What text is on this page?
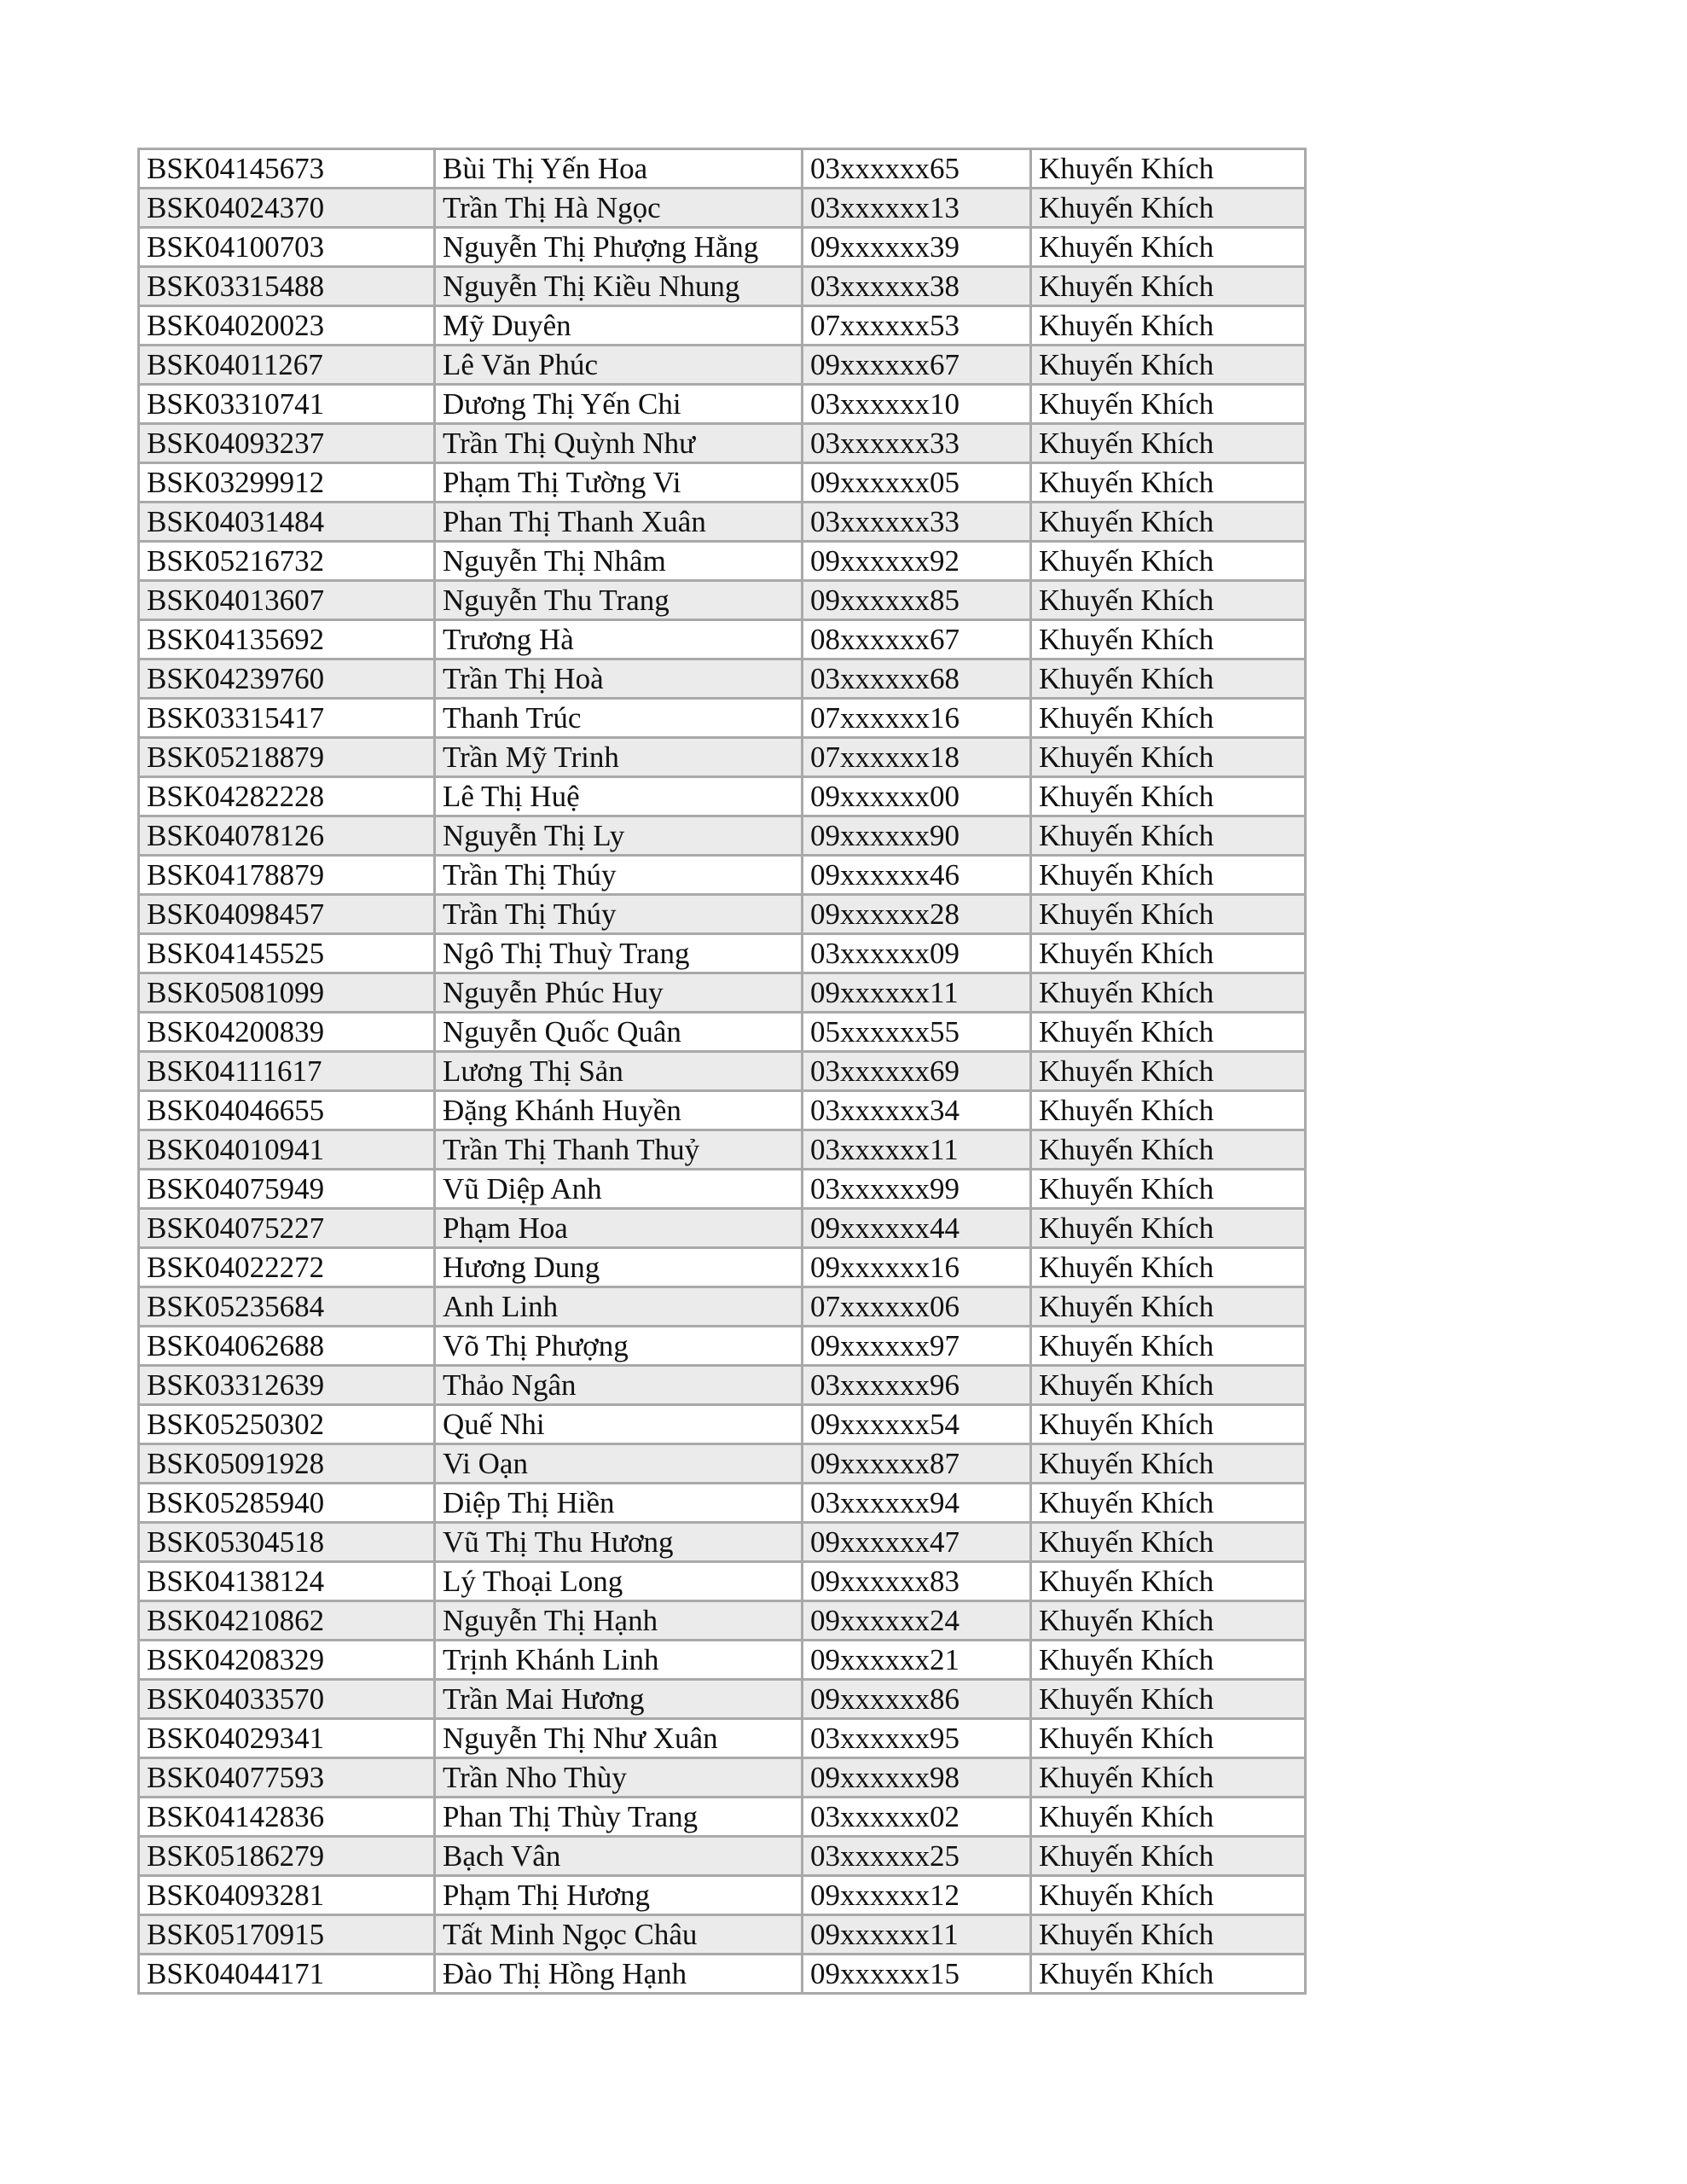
BSK04145673	Bùi Thị Yến Hoa	03xxxxxx65	Khuyến Khích
BSK04024370	Trần Thị Hà Ngọc	03xxxxxx13	Khuyến Khích
BSK04100703	Nguyễn Thị Phượng Hằng	09xxxxxx39	Khuyến Khích
BSK03315488	Nguyễn Thị Kiều Nhung	03xxxxxx38	Khuyến Khích
BSK04020023	Mỹ Duyên	07xxxxxx53	Khuyến Khích
BSK04011267	Lê Văn Phúc	09xxxxxx67	Khuyến Khích
BSK03310741	Dương Thị Yến Chi	03xxxxxx10	Khuyến Khích
BSK04093237	Trần Thị Quỳnh Như	03xxxxxx33	Khuyến Khích
BSK03299912	Phạm Thị Tường Vi	09xxxxxx05	Khuyến Khích
BSK04031484	Phan Thị Thanh Xuân	03xxxxxx33	Khuyến Khích
BSK05216732	Nguyễn Thị Nhâm	09xxxxxx92	Khuyến Khích
BSK04013607	Nguyễn Thu Trang	09xxxxxx85	Khuyến Khích
BSK04135692	Trương Hà	08xxxxxx67	Khuyến Khích
BSK04239760	Trần Thị Hoà	03xxxxxx68	Khuyến Khích
BSK03315417	Thanh Trúc	07xxxxxx16	Khuyến Khích
BSK05218879	Trần Mỹ Trinh	07xxxxxx18	Khuyến Khích
BSK04282228	Lê Thị Huệ	09xxxxxx00	Khuyến Khích
BSK04078126	Nguyễn Thị Ly	09xxxxxx90	Khuyến Khích
BSK04178879	Trần Thị Thúy	09xxxxxx46	Khuyến Khích
BSK04098457	Trần Thị Thúy	09xxxxxx28	Khuyến Khích
BSK04145525	Ngô Thị Thuỳ Trang	03xxxxxx09	Khuyến Khích
BSK05081099	Nguyễn Phúc Huy	09xxxxxx11	Khuyến Khích
BSK04200839	Nguyễn Quốc Quân	05xxxxxx55	Khuyến Khích
BSK04111617	Lương Thị Sản	03xxxxxx69	Khuyến Khích
BSK04046655	Đặng Khánh Huyền	03xxxxxx34	Khuyến Khích
BSK04010941	Trần Thị Thanh Thuỷ	03xxxxxx11	Khuyến Khích
BSK04075949	Vũ Diệp Anh	03xxxxxx99	Khuyến Khích
BSK04075227	Phạm Hoa	09xxxxxx44	Khuyến Khích
BSK04022272	Hương Dung	09xxxxxx16	Khuyến Khích
BSK05235684	Anh Linh	07xxxxxx06	Khuyến Khích
BSK04062688	Võ Thị Phượng	09xxxxxx97	Khuyến Khích
BSK03312639	Thảo Ngân	03xxxxxx96	Khuyến Khích
BSK05250302	Quế Nhi	09xxxxxx54	Khuyến Khích
BSK05091928	Vi Oạn	09xxxxxx87	Khuyến Khích
BSK05285940	Diệp Thị Hiền	03xxxxxx94	Khuyến Khích
BSK05304518	Vũ Thị Thu Hương	09xxxxxx47	Khuyến Khích
BSK04138124	Lý Thoại Long	09xxxxxx83	Khuyến Khích
BSK04210862	Nguyễn Thị Hạnh	09xxxxxx24	Khuyến Khích
BSK04208329	Trịnh Khánh Linh	09xxxxxx21	Khuyến Khích
BSK04033570	Trần Mai Hương	09xxxxxx86	Khuyến Khích
BSK04029341	Nguyễn Thị Như Xuân	03xxxxxx95	Khuyến Khích
BSK04077593	Trần Nho Thùy	09xxxxxx98	Khuyến Khích
BSK04142836	Phan Thị Thùy Trang	03xxxxxx02	Khuyến Khích
BSK05186279	Bạch Vân	03xxxxxx25	Khuyến Khích
BSK04093281	Phạm Thị Hương	09xxxxxx12	Khuyến Khích
BSK05170915	Tất Minh Ngọc Châu	09xxxxxx11	Khuyến Khích
BSK04044171	Đào Thị Hồng Hạnh	09xxxxxx15	Khuyến Khích
